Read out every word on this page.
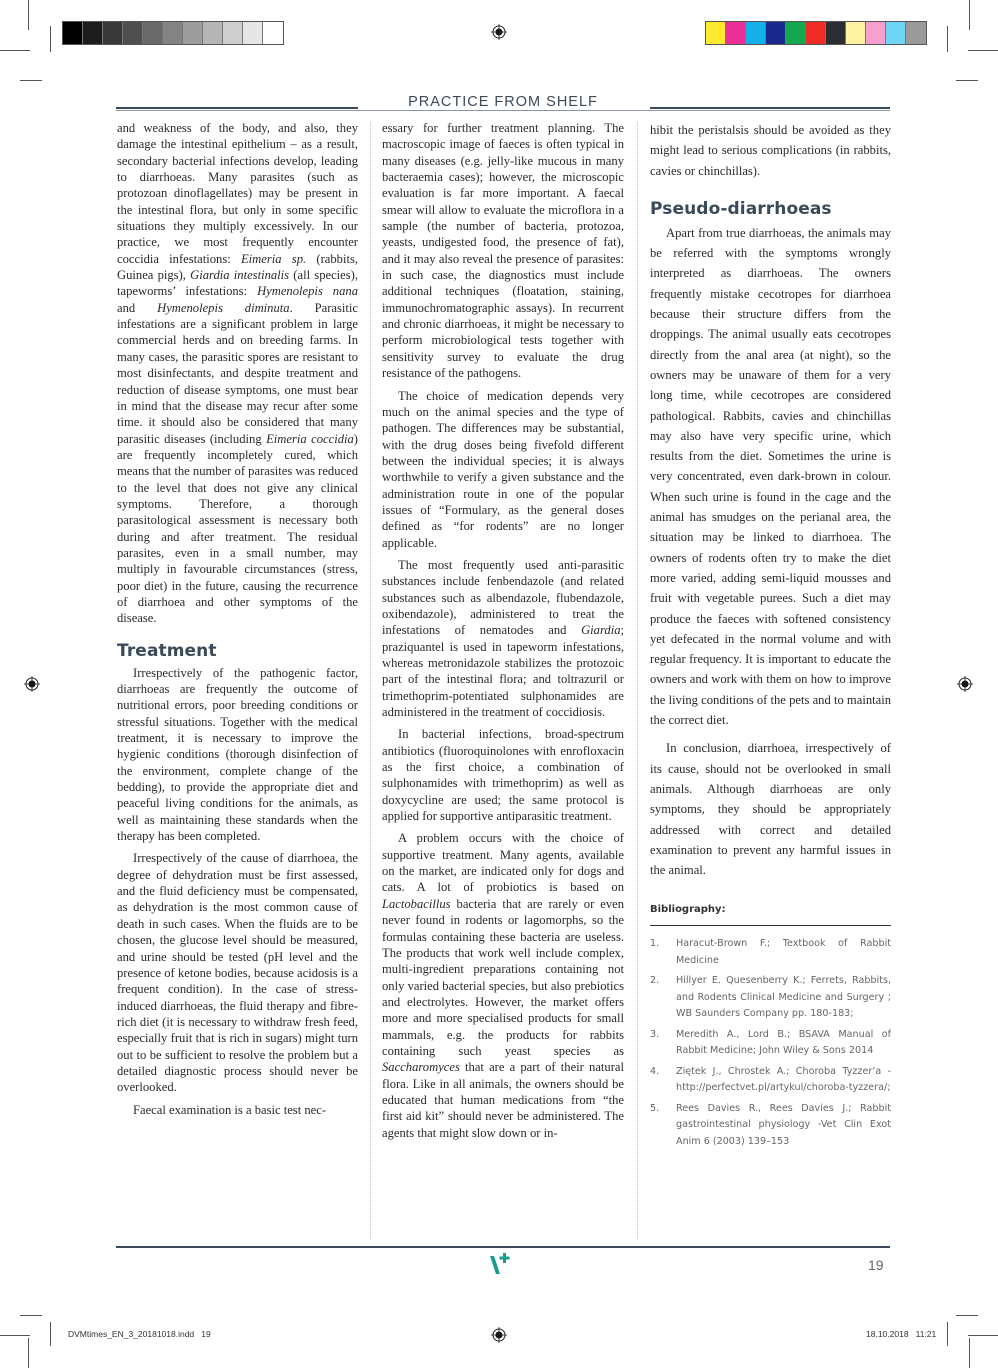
PRACTICE FROM SHELF

and weakness of the body, and also, they damage the intestinal epithelium – as a result, secondary bacterial infections develop, leading to diarrhoeas. Many parasites (such as protozoan dinoflagellates) may be present in the intestinal flora, but only in some specific situations they multiply excessively. In our practice, we most frequently encounter coccidia infestations: Eimeria sp. (rabbits, Guinea pigs), Giardia intestinalis (all species), tapeworms’ infestations: Hymenolepis nana and Hymenolepis diminuta. Parasitic infestations are a significant problem in large commercial herds and on breeding farms. In many cases, the parasitic spores are resistant to most disinfectants, and despite treatment and reduction of disease symptoms, one must bear in mind that the disease may recur after some time. it should also be considered that many parasitic diseases (including Eimeria coccidia) are frequently incompletely cured, which means that the number of parasites was reduced to the level that does not give any clinical symptoms. Therefore, a thorough parasitological assessment is necessary both during and after treatment. The residual parasites, even in a small number, may multiply in favourable circumstances (stress, poor diet) in the future, causing the recurrence of diarrhoea and other symptoms of the disease.

Treatment

Irrespectively of the pathogenic factor, diarrhoeas are frequently the outcome of nutritional errors, poor breeding conditions or stressful situations. Together with the medical treatment, it is necessary to improve the hygienic conditions (thorough disinfection of the environment, complete change of the bedding), to provide the appropriate diet and peaceful living conditions for the animals, as well as maintaining these standards when the therapy has been completed.

Irrespectively of the cause of diarrhoea, the degree of dehydration must be first assessed, and the fluid deficiency must be compensated, as dehydration is the most common cause of death in such cases. When the fluids are to be chosen, the glucose level should be measured, and urine should be tested (pH level and the presence of ketone bodies, because acidosis is a frequent condition). In the case of stress-induced diarrhoeas, the fluid therapy and fibre-rich diet (it is necessary to withdraw fresh feed, especially fruit that is rich in sugars) might turn out to be sufficient to resolve the problem but a detailed diagnostic process should never be overlooked.

Faecal examination is a basic test nec-

essary for further treatment planning. The macroscopic image of faeces is often typical in many diseases (e.g. jelly-like mucous in many bacteraemia cases); however, the microscopic evaluation is far more important. A faecal smear will allow to evaluate the microflora in a sample (the number of bacteria, protozoa, yeasts, undigested food, the presence of fat), and it may also reveal the presence of parasites: in such case, the diagnostics must include additional techniques (floatation, staining, immunochromatographic assays). In recurrent and chronic diarrhoeas, it might be necessary to perform microbiological tests together with sensitivity survey to evaluate the drug resistance of the pathogens.

The choice of medication depends very much on the animal species and the type of pathogen. The differences may be substantial, with the drug doses being fivefold different between the individual species; it is always worthwhile to verify a given substance and the administration route in one of the popular issues of “Formulary, as the general doses defined as “for rodents” are no longer applicable.

The most frequently used anti-parasitic substances include fenbendazole (and related substances such as albendazole, flubendazole, oxibendazole), administered to treat the infestations of nematodes and Giardia; praziquantel is used in tapeworm infestations, whereas metronidazole stabilizes the protozoic part of the intestinal flora; and toltrazuril or trimethoprim-potentiated sulphonamides are administered in the treatment of coccidiosis.

In bacterial infections, broad-spectrum antibiotics (fluoroquinolones with enrofloxacin as the first choice, a combination of sulphonamides with trimethoprim) as well as doxycycline are used; the same protocol is applied for supportive antiparasitic treatment.

A problem occurs with the choice of supportive treatment. Many agents, available on the market, are indicated only for dogs and cats. A lot of probiotics is based on Lactobacillus bacteria that are rarely or even never found in rodents or lagomorphs, so the formulas containing these bacteria are useless. The products that work well include complex, multi-ingredient preparations containing not only varied bacterial species, but also prebiotics and electrolytes. However, the market offers more and more specialised products for small mammals, e.g. the products for rabbits containing such yeast species as Saccharomyces that are a part of their natural flora. Like in all animals, the owners should be educated that human medications from “the first aid kit” should never be administered. The agents that might slow down or in-

hibit the peristalsis should be avoided as they might lead to serious complications (in rabbits, cavies or chinchillas).

Pseudo-diarrhoeas

Apart from true diarrhoeas, the animals may be referred with the symptoms wrongly interpreted as diarrhoeas. The owners frequently mistake cecotropes for diarrhoea because their structure differs from the droppings. The animal usually eats cecotropes directly from the anal area (at night), so the owners may be unaware of them for a very long time, while cecotropes are considered pathological. Rabbits, cavies and chinchillas may also have very specific urine, which results from the diet. Sometimes the urine is very concentrated, even dark-brown in colour. When such urine is found in the cage and the animal has smudges on the perianal area, the situation may be linked to diarrhoea. The owners of rodents often try to make the diet more varied, adding semi-liquid mousses and fruit with vegetable purees. Such a diet may produce the faeces with softened consistency yet defecated in the normal volume and with regular frequency. It is important to educate the owners and work with them on how to improve the living conditions of the pets and to maintain the correct diet.

In conclusion, diarrhoea, irrespectively of its cause, should not be overlooked in small animals. Although diarrhoeas are only symptoms, they should be appropriately addressed with correct and detailed examination to prevent any harmful issues in the animal.

Bibliography:
1.	Haracut-Brown F.; Textbook of Rabbit Medicine
2.	Hillyer E. Quesenberry K.; Ferrets, Rabbits, and Rodents Clinical Medicine and Surgery ; WB Saunders Company pp. 180-183;
3.	Meredith A., Lord B.; BSAVA Manual of Rabbit Medicine; John Wiley & Sons 2014
4.	Ziętek J., Chrostek A.; Choroba Tyzzer’a - http://perfectvet.pl/artykul/choroba-tyzzera/;
5.	Rees Davies R., Rees Davies J.; Rabbit gastrointestinal physiology -Vet Clin Exot Anim 6 (2003) 139–153
19
DVMtimes_EN_3_20181018.indd   19	18.10.2018   11:21
